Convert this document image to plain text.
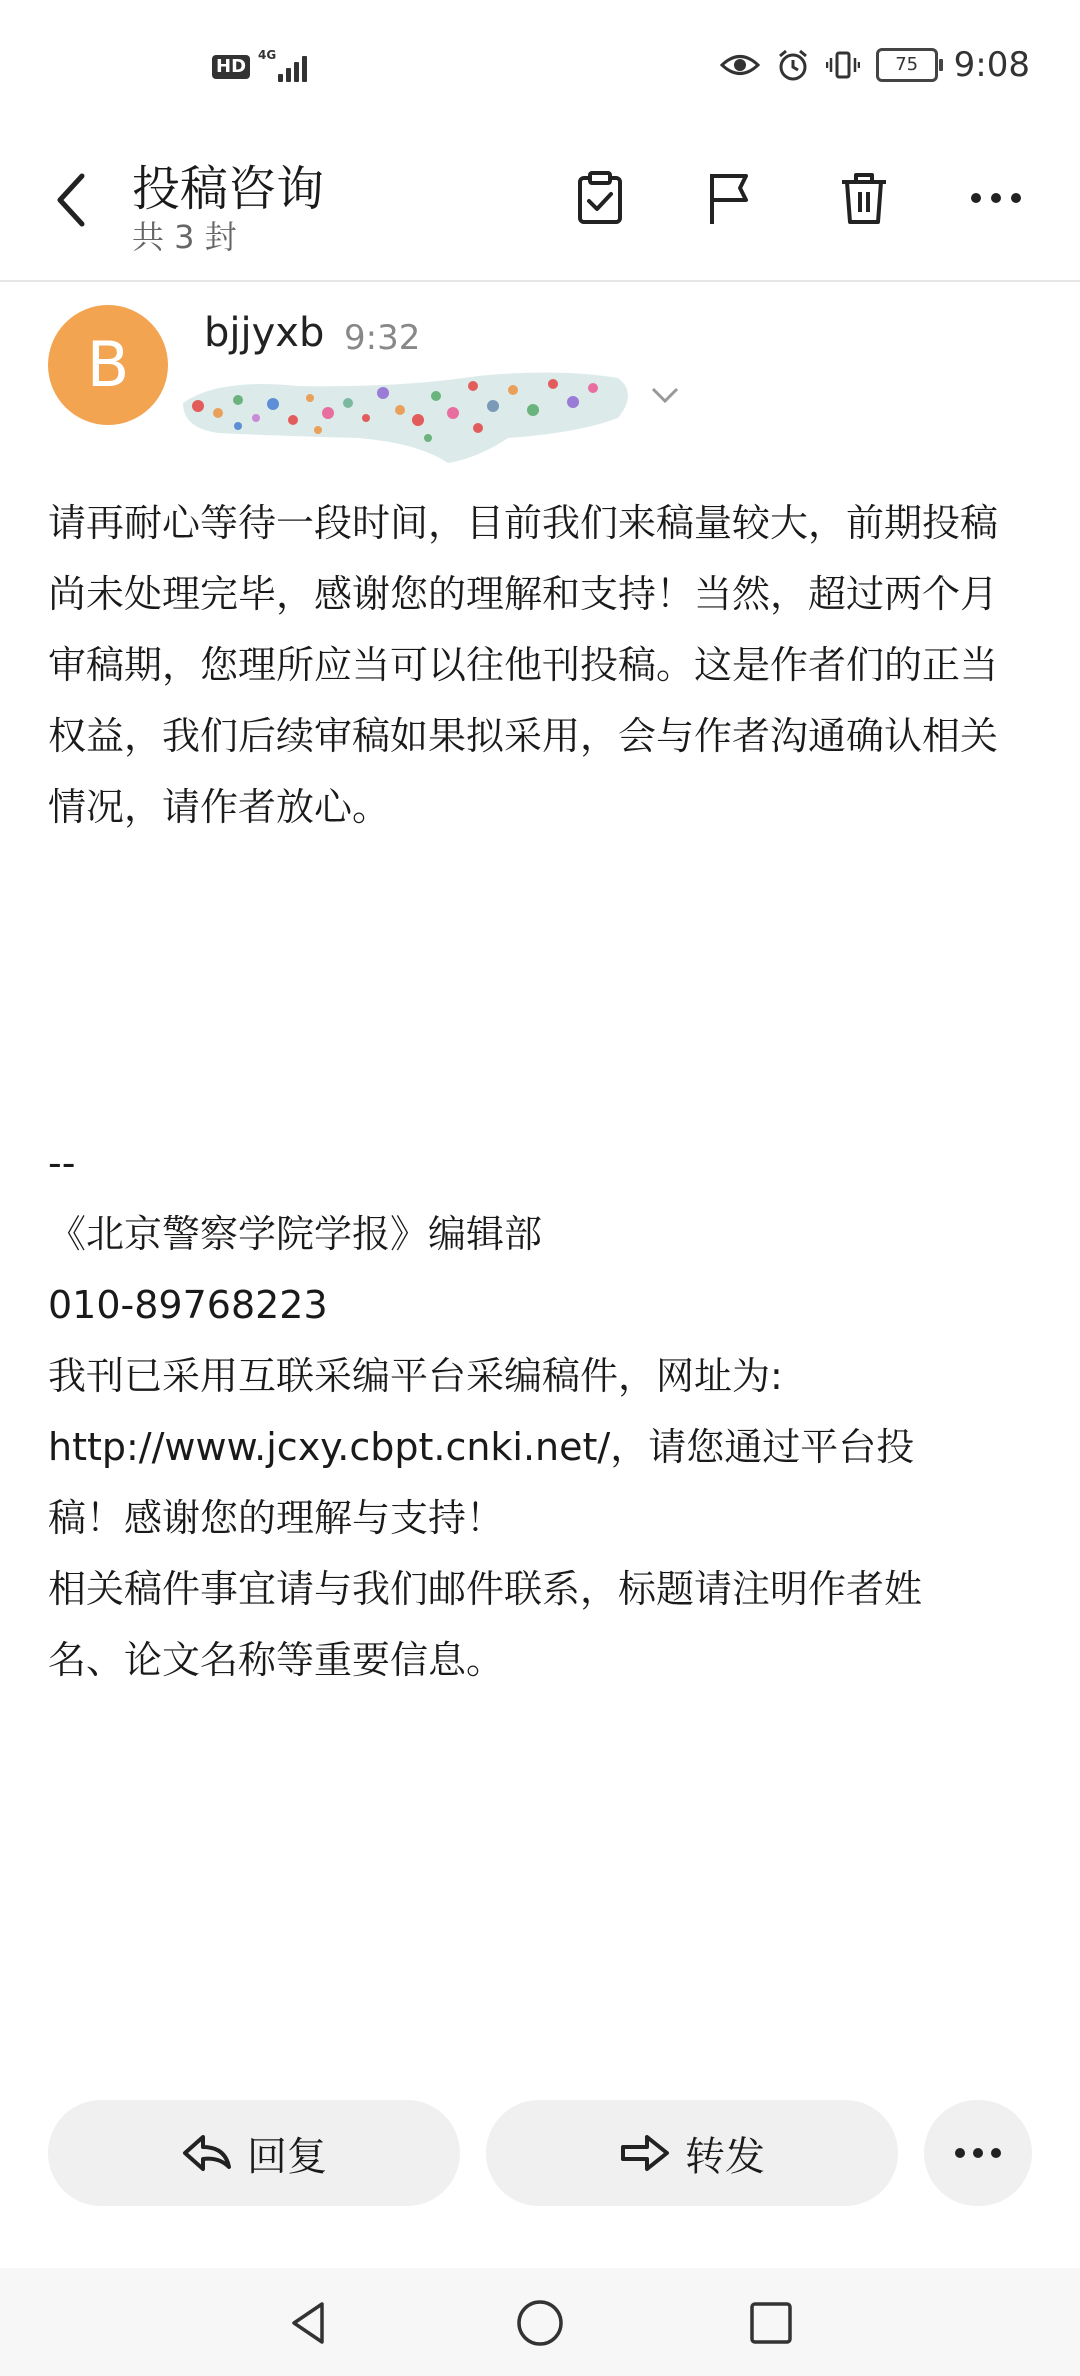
HD
4G	75	9:08
投稿咨询
共 3 封
B	bjjyxb 9:32
请再耐心等待一段时间，目前我们来稿量较大，前期投稿尚未处理完毕，感谢您的理解和支持！当然，超过两个月审稿期，您理所应当可以往他刊投稿。这是作者们的正当权益，我们后续审稿如果拟采用，会与作者沟通确认相关情况，请作者放心。
--
《北京警察学院学报》编辑部
010-89768223
我刊已采用互联采编平台采编稿件，网址为:
http://www.jcxy.cbpt.cnki.net/，请您通过平台投
稿！感谢您的理解与支持！
相关稿件事宜请与我们邮件联系，标题请注明作者姓
名、论文名称等重要信息。
回复	转发
